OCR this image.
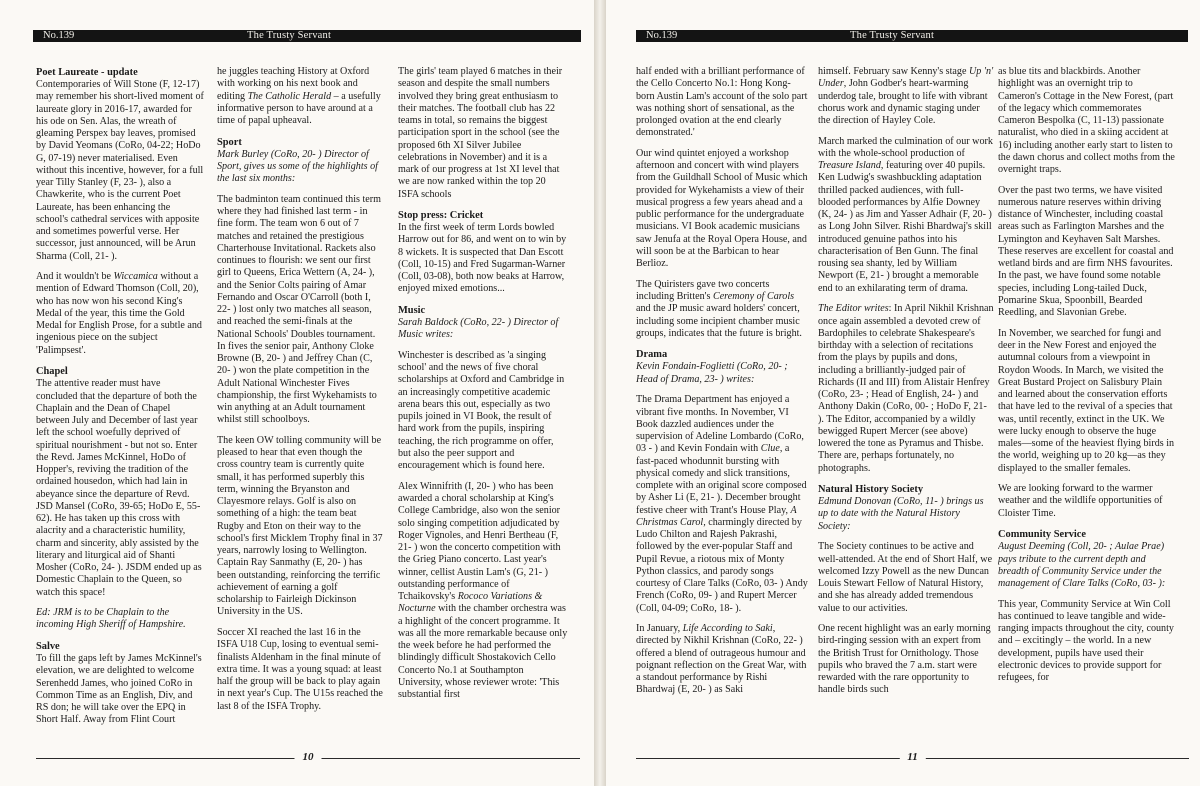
No.139	The Trusty Servant
Poet Laureate - update

Contemporaries of Will Stone (F, 12-17) may remember his short-lived moment of laureate glory in 2016-17, awarded for his ode on Sen. Alas, the wreath of gleaming Perspex bay leaves, promised by David Yeomans (CoRo, 04-22; HoDo G, 07-19) never materialised. Even without this incentive, however, for a full year Tilly Stanley (F, 23- ), also a Chawkerite, who is the current Poet Laureate, has been enhancing the school's cathedral services with apposite and sometimes powerful verse. Her successor, just announced, will be Arun Sharma (Coll, 21- ).

And it wouldn't be Wiccamica without a mention of Edward Thomson (Coll, 20), who has now won his second King's Medal of the year, this time the Gold Medal for English Prose, for a subtle and ingenious piece on the subject 'Palimpsest'.

Chapel

The attentive reader must have concluded that the departure of both the Chaplain and the Dean of Chapel between July and December of last year left the school woefully deprived of spiritual nourishment - but not so. Enter the Revd. James McKinnel, HoDo of Hopper's, reviving the tradition of the ordained housedon, which had lain in abeyance since the departure of Revd. JSD Mansel (CoRo, 39-65; HoDo E, 55-62). He has taken up this cross with alacrity and a characteristic humility, charm and sincerity, ably assisted by the literary and liturgical aid of Shanti Mosher (CoRo, 24- ). JSDM ended up as Domestic Chaplain to the Queen, so watch this space!

Ed: JRM is to be Chaplain to the incoming High Sheriff of Hampshire.

Salve

To fill the gaps left by James McKinnel's elevation, we are delighted to welcome Serenhedd James, who joined CoRo in Common Time as an English, Div, and RS don; he will take over the EPQ in Short Half. Away from Flint Court

he juggles teaching History at Oxford with working on his next book and editing The Catholic Herald – a usefully informative person to have around at a time of papal upheaval.

Sport

Mark Burley (CoRo, 20- ) Director of Sport, gives us some of the highlights of the last six months:

The badminton team continued this term where they had finished last term - in fine form. The team won 6 out of 7 matches and retained the prestigious Charterhouse Invitational. Rackets also continues to flourish: we sent our first girl to Queens, Erica Wettern (A, 24- ), and the Senior Colts pairing of Amar Fernando and Oscar O'Carroll (both I, 22- ) lost only two matches all season, and reached the semi-finals at the National Schools' Doubles tournament. In fives the senior pair, Anthony Cloke Browne (B, 20- ) and Jeffrey Chan (C, 20- ) won the plate competition in the Adult National Winchester Fives championship, the first Wykehamists to win anything at an Adult tournament whilst still schoolboys.

The keen OW tolling community will be pleased to hear that even though the cross country team is currently quite small, it has performed superbly this term, winning the Bryanston and Clayesmore relays. Golf is also on something of a high: the team beat Rugby and Eton on their way to the school's first Micklem Trophy final in 37 years, narrowly losing to Wellington. Captain Ray Sanmathy (E, 20- ) has been outstanding, reinforcing the terrific achievement of earning a golf scholarship to Fairleigh Dickinson University in the US.

Soccer XI reached the last 16 in the ISFA U18 Cup, losing to eventual semi-finalists Aldenham in the final minute of extra time. It was a young squad: at least half the group will be back to play again in next year's Cup. The U15s reached the last 8 of the ISFA Trophy.

The girls' team played 6 matches in their season and despite the small numbers involved they bring great enthusiasm to their matches. The football club has 22 teams in total, so remains the biggest participation sport in the school (see the proposed 6th XI Silver Jubilee celebrations in November) and it is a mark of our progress at 1st XI level that we are now ranked within the top 20 ISFA schools

Stop press: Cricket

In the first week of term Lords bowled Harrow out for 86, and went on to win by 8 wickets. It is suspected that Dan Escott (Coll, 10-15) and Fred Sugarman-Warner (Coll, 03-08), both now beaks at Harrow, enjoyed mixed emotions...

Music

Sarah Baldock (CoRo, 22- ) Director of Music writes:

Winchester is described as 'a singing school' and the news of five choral scholarships at Oxford and Cambridge in an increasingly competitive academic arena bears this out, especially as two pupils joined in VI Book, the result of hard work from the pupils, inspiring teaching, the rich programme on offer, but also the peer support and encouragement which is found here.

Alex Winnifrith (I, 20- ) who has been awarded a choral scholarship at King's College Cambridge, also won the senior solo singing competition adjudicated by Roger Vignoles, and Henri Bertheau (F, 21- ) won the concerto competition with the Grieg Piano concerto. Last year's winner, cellist Austin Lam's (G, 21- ) outstanding performance of Tchaikovsky's Rococo Variations & Nocturne with the chamber orchestra was a highlight of the concert programme. It was all the more remarkable because only the week before he had performed the blindingly difficult Shostakovich Cello Concerto No.1 at Southampton University, whose reviewer wrote: 'This substantial first

10
No.139	The Trusty Servant

half ended with a brilliant performance of the Cello Concerto No.1: Hong Kong-born Austin Lam's account of the solo part was nothing short of sensational, as the prolonged ovation at the end clearly demonstrated.'

Our wind quintet enjoyed a workshop afternoon and concert with wind players from the Guildhall School of Music which provided for Wykehamists a view of their musical progress a few years ahead and a public performance for the undergraduate musicians. VI Book academic musicians saw Jenufa at the Royal Opera House, and will soon be at the Barbican to hear Berlioz.

The Quiristers gave two concerts including Britten's Ceremony of Carols and the JP music award holders' concert, including some incipient chamber music groups, indicates that the future is bright.

Drama

Kevin Fondain-Foglietti (CoRo, 20- ; Head of Drama, 23- ) writes:

The Drama Department has enjoyed a vibrant five months. In November, VI Book dazzled audiences under the supervision of Adeline Lombardo (CoRo, 03 - ) and Kevin Fondain with Clue, a fast-paced whodunnit bursting with physical comedy and slick transitions, complete with an original score composed by Asher Li (E, 21- ). December brought festive cheer with Trant's House Play, A Christmas Carol, charmingly directed by Ludo Chilton and Rajesh Pakrashi, followed by the ever-popular Staff and Pupil Revue, a riotous mix of Monty Python classics, and parody songs courtesy of Clare Talks (CoRo, 03- ) Andy French (CoRo, 09- ) and Rupert Mercer (Coll, 04-09; CoRo, 18- ).

In January, Life According to Saki, directed by Nikhil Krishnan (CoRo, 22- ) offered a blend of outrageous humour and poignant reflection on the Great War, with a standout performance by Rishi Bhardwaj (E, 20- ) as Saki

himself. February saw Kenny's stage Up 'n' Under, John Godber's heart-warming underdog tale, brought to life with vibrant chorus work and dynamic staging under the direction of Hayley Cole.

March marked the culmination of our work with the whole-school production of Treasure Island, featuring over 40 pupils. Ken Ludwig's swashbuckling adaptation thrilled packed audiences, with full-blooded performances by Alfie Downey (K, 24- ) as Jim and Yasser Adhair (F, 20- ) as Long John Silver. Rishi Bhardwaj's skill introduced genuine pathos into his characterisation of Ben Gunn. The final rousing sea shanty, led by William Newport (E, 21- ) brought a memorable end to an exhilarating term of drama.

The Editor writes: In April Nikhil Krishnan once again assembled a devoted crew of Bardophiles to celebrate Shakespeare's birthday with a selection of recitations from the plays by pupils and dons, including a brilliantly-judged pair of Richards (II and III) from Alistair Henfrey (CoRo, 23- ; Head of English, 24- ) and Anthony Dakin (CoRo, 00- ; HoDo F, 21- ). The Editor, accompanied by a wildly bewigged Rupert Mercer (see above) lowered the tone as Pyramus and Thisbe. There are, perhaps fortunately, no photographs.

Natural History Society

Edmund Donovan (CoRo, 11- ) brings us up to date with the Natural History Society:

The Society continues to be active and well-attended. At the end of Short Half, we welcomed Izzy Powell as the new Duncan Louis Stewart Fellow of Natural History, and she has already added tremendous value to our activities.

One recent highlight was an early morning bird-ringing session with an expert from the British Trust for Ornithology. Those pupils who braved the 7 a.m. start were rewarded with the rare opportunity to handle birds such

as blue tits and blackbirds. Another highlight was an overnight trip to Cameron's Cottage in the New Forest, (part of the legacy which commemorates Cameron Bespolka (C, 11-13) passionate naturalist, who died in a skiing accident at 16) including another early start to listen to the dawn chorus and collect moths from the overnight traps.

Over the past two terms, we have visited numerous nature reserves within driving distance of Winchester, including coastal areas such as Farlington Marshes and the Lymington and Keyhaven Salt Marshes. These reserves are excellent for coastal and wetland birds and are firm NHS favourites. In the past, we have found some notable species, including Long-tailed Duck, Pomarine Skua, Spoonbill, Bearded Reedling, and Slavonian Grebe.

In November, we searched for fungi and deer in the New Forest and enjoyed the autumnal colours from a viewpoint in Roydon Woods. In March, we visited the Great Bustard Project on Salisbury Plain and learned about the conservation efforts that have led to the revival of a species that was, until recently, extinct in the UK. We were lucky enough to observe the huge males—some of the heaviest flying birds in the world, weighing up to 20 kg—as they displayed to the smaller females.

We are looking forward to the warmer weather and the wildlife opportunities of Cloister Time.

Community Service

August Deeming (Coll, 20- ; Aulae Prae) pays tribute to the current depth and breadth of Community Service under the management of Clare Talks (CoRo, 03- ):

This year, Community Service at Win Coll has continued to leave tangible and wide-ranging impacts throughout the city, county and – excitingly – the world. In a new development, pupils have used their electronic devices to provide support for refugees, for

11
